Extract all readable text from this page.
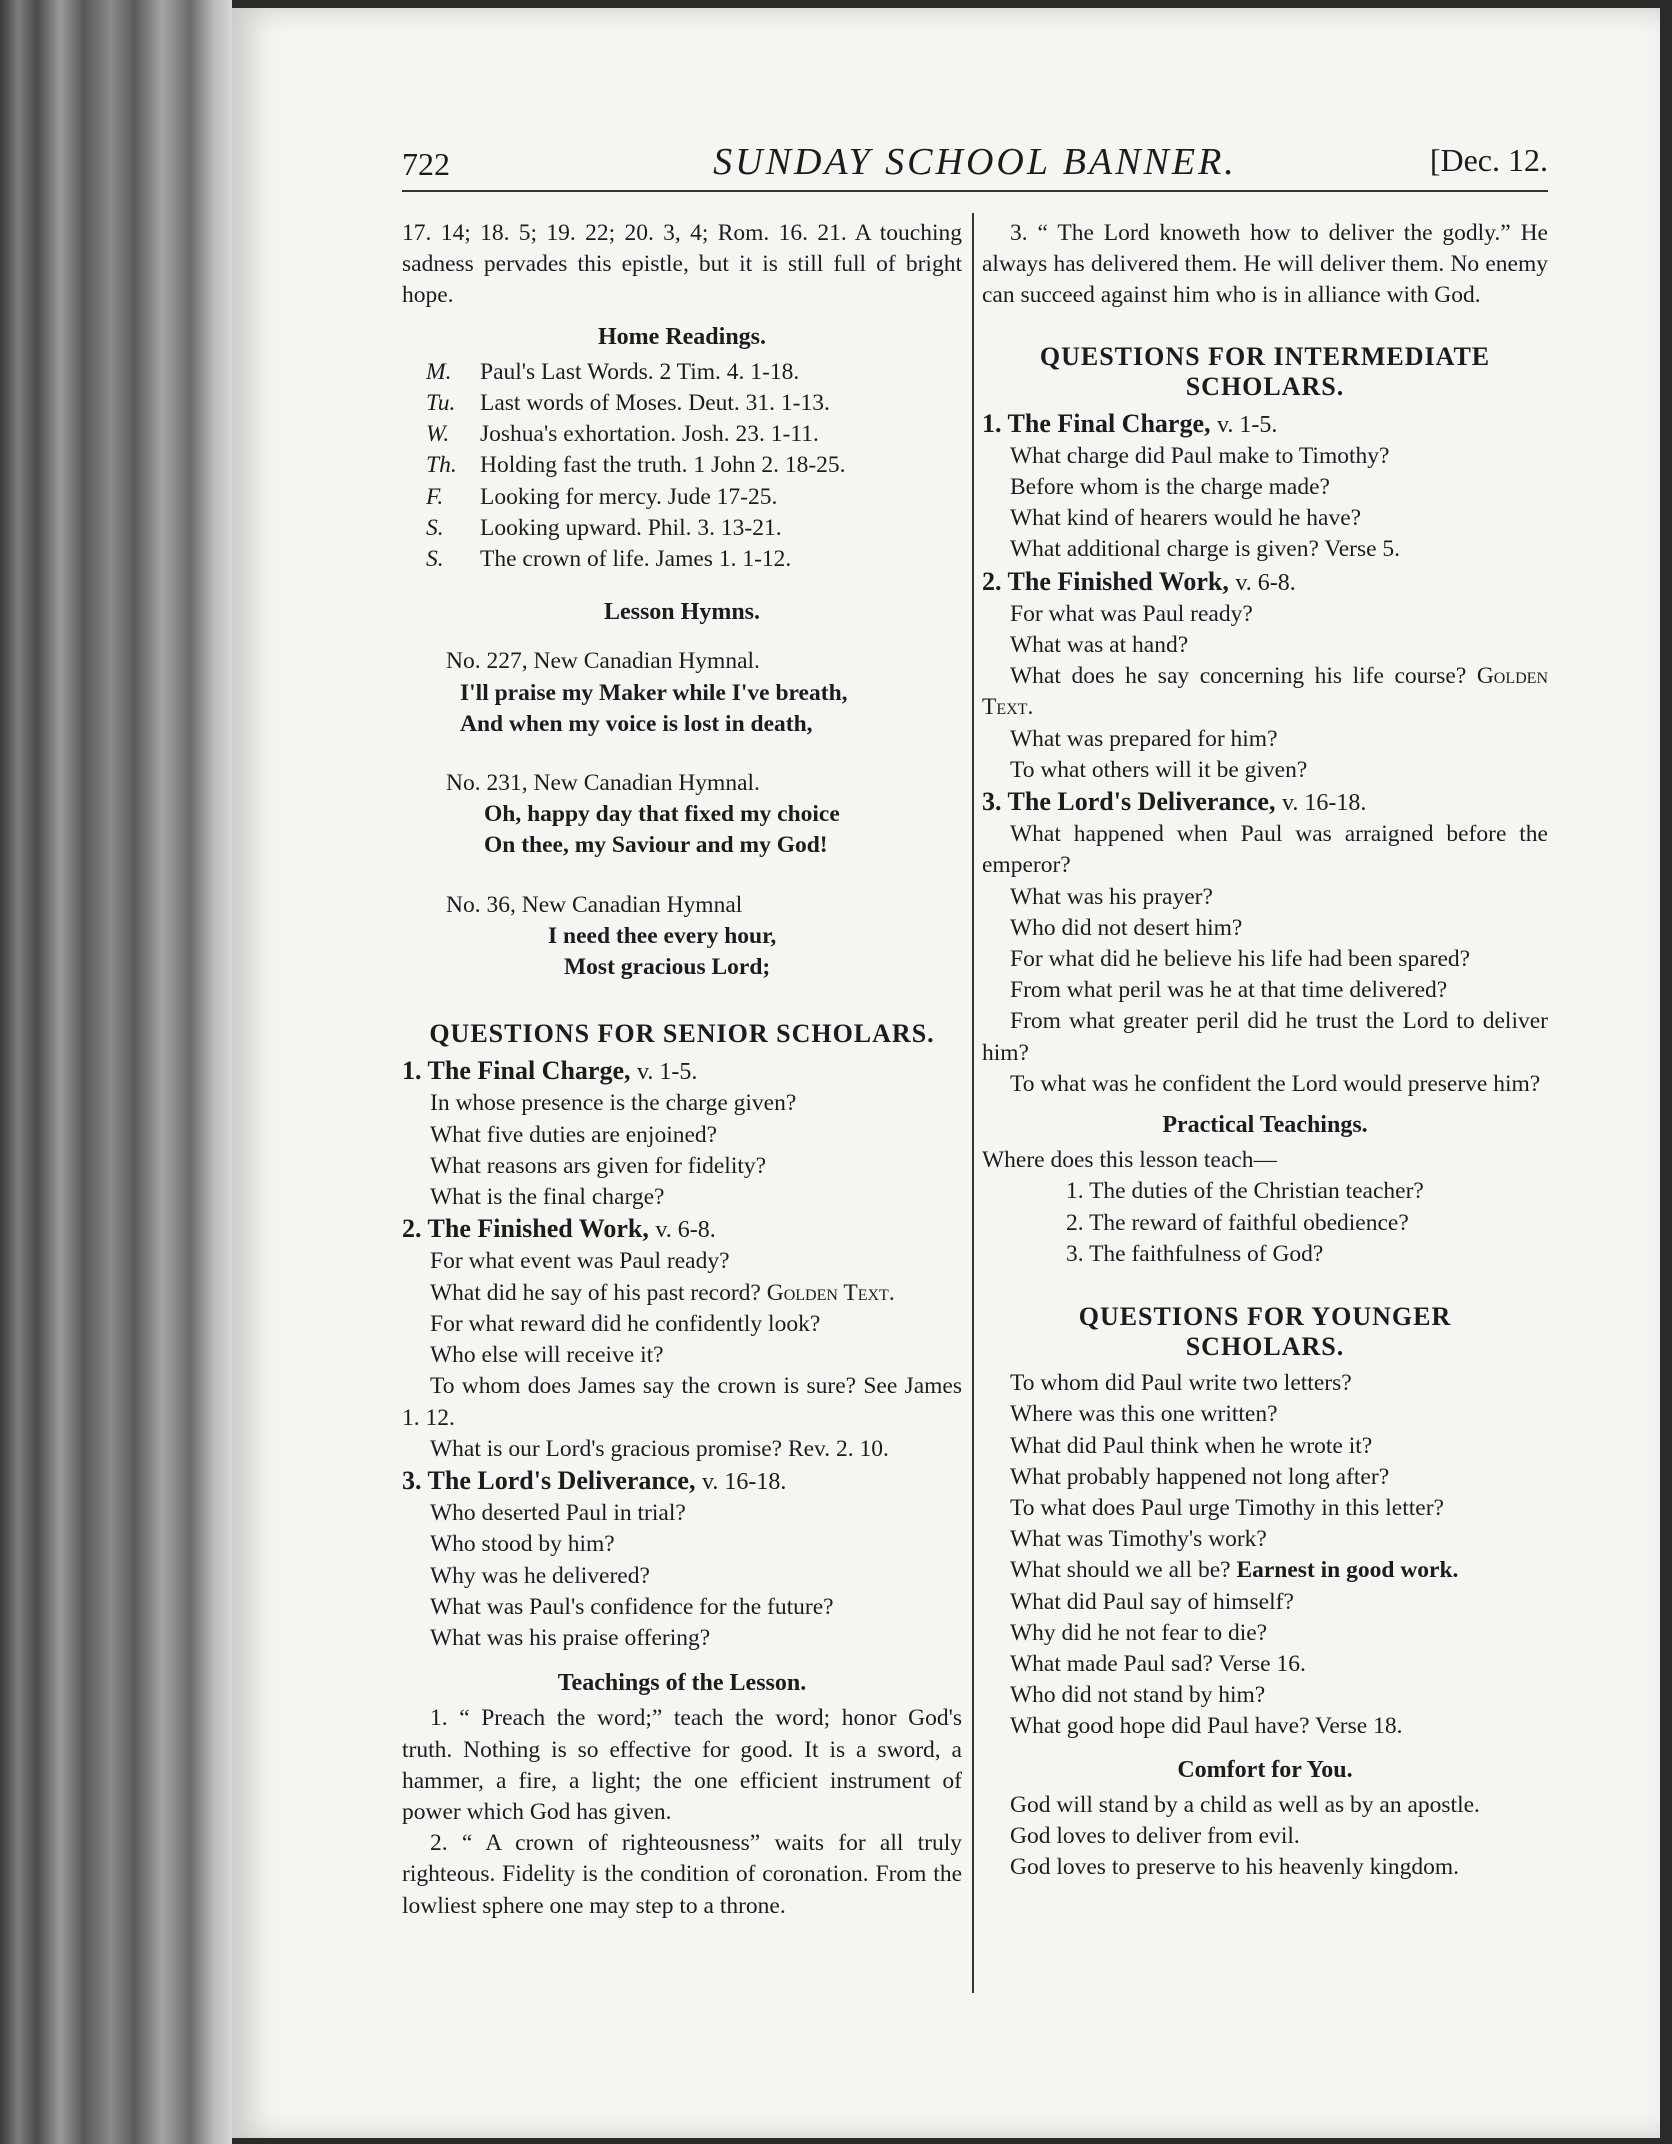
722	SUNDAY SCHOOL BANNER.	[Dec. 12.

17. 14; 18. 5; 19. 22; 20. 3, 4; Rom. 16. 21. A touching sadness pervades this epistle, but it is still full of bright hope.

Home Readings.
M.	Paul's Last Words. 2 Tim. 4. 1-18.
Tu.	Last words of Moses. Deut. 31. 1-13.
W.	Joshua's exhortation. Josh. 23. 1-11.
Th. Holding fast the truth. 1 John 2. 18-25.
F.	Looking for mercy. Jude 17-25.
S.	Looking upward. Phil. 3. 13-21.
S.	The crown of life. James 1. 1-12.
Lesson Hymns.

No. 227, New Canadian Hymnal.

I'll praise my Maker while I've breath,

And when my voice is lost in death,

No. 231, New Canadian Hymnal.

Oh, happy day that fixed my choice

On thee, my Saviour and my God!

No. 36, New Canadian Hymnal

I need thee every hour,

Most gracious Lord;

QUESTIONS FOR SENIOR SCHOLARS.

1. The Final Charge, v. 1-5.

In whose presence is the charge given?

What five duties are enjoined?

What reasons ars given for fidelity?

What is the final charge?

2. The Finished Work, v. 6-8.

For what event was Paul ready?

What did he say of his past record? Golden Text.

For what reward did he confidently look?

Who else will receive it?

To whom does James say the crown is sure? See James 1. 12.

What is our Lord's gracious promise? Rev. 2. 10.

3. The Lord's Deliverance, v. 16-18.

Who deserted Paul in trial?

Who stood by him?

Why was he delivered?

What was Paul's confidence for the future?

What was his praise offering?

Teachings of the Lesson.

1. “ Preach the word;” teach the word; honor God's truth. Nothing is so effective for good. It is a sword, a hammer, a fire, a light; the one efficient instrument of power which God has given.

2. “ A crown of righteousness” waits for all truly righteous. Fidelity is the condition of coronation. From the lowliest sphere one may step to a throne.

3. “ The Lord knoweth how to deliver the godly.” He always has delivered them. He will deliver them. No enemy can succeed against him who is in alliance with God.

QUESTIONS FOR INTERMEDIATE SCHOLARS.

1. The Final Charge, v. 1-5.

What charge did Paul make to Timothy?

Before whom is the charge made?

What kind of hearers would he have?

What additional charge is given? Verse 5.

2. The Finished Work, v. 6-8.

For what was Paul ready?

What was at hand?

What does he say concerning his life course? Golden Text.

What was prepared for him?

To what others will it be given?

3. The Lord's Deliverance, v. 16-18.

What happened when Paul was arraigned before the emperor?

What was his prayer?

Who did not desert him?

For what did he believe his life had been spared?

From what peril was he at that time delivered?

From what greater peril did he trust the Lord to deliver him?

To what was he confident the Lord would preserve him?

Practical Teachings.

Where does this lesson teach—

1. The duties of the Christian teacher?

2. The reward of faithful obedience?

3. The faithfulness of God?

QUESTIONS FOR YOUNGER SCHOLARS.

To whom did Paul write two letters?

Where was this one written?

What did Paul think when he wrote it?

What probably happened not long after?

To what does Paul urge Timothy in this letter?

What was Timothy's work?

What should we all be? Earnest in good work.

What did Paul say of himself?

Why did he not fear to die?

What made Paul sad? Verse 16.

Who did not stand by him?

What good hope did Paul have? Verse 18.

Comfort for You.

God will stand by a child as well as by an apostle.

God loves to deliver from evil.

God loves to preserve to his heavenly kingdom.
